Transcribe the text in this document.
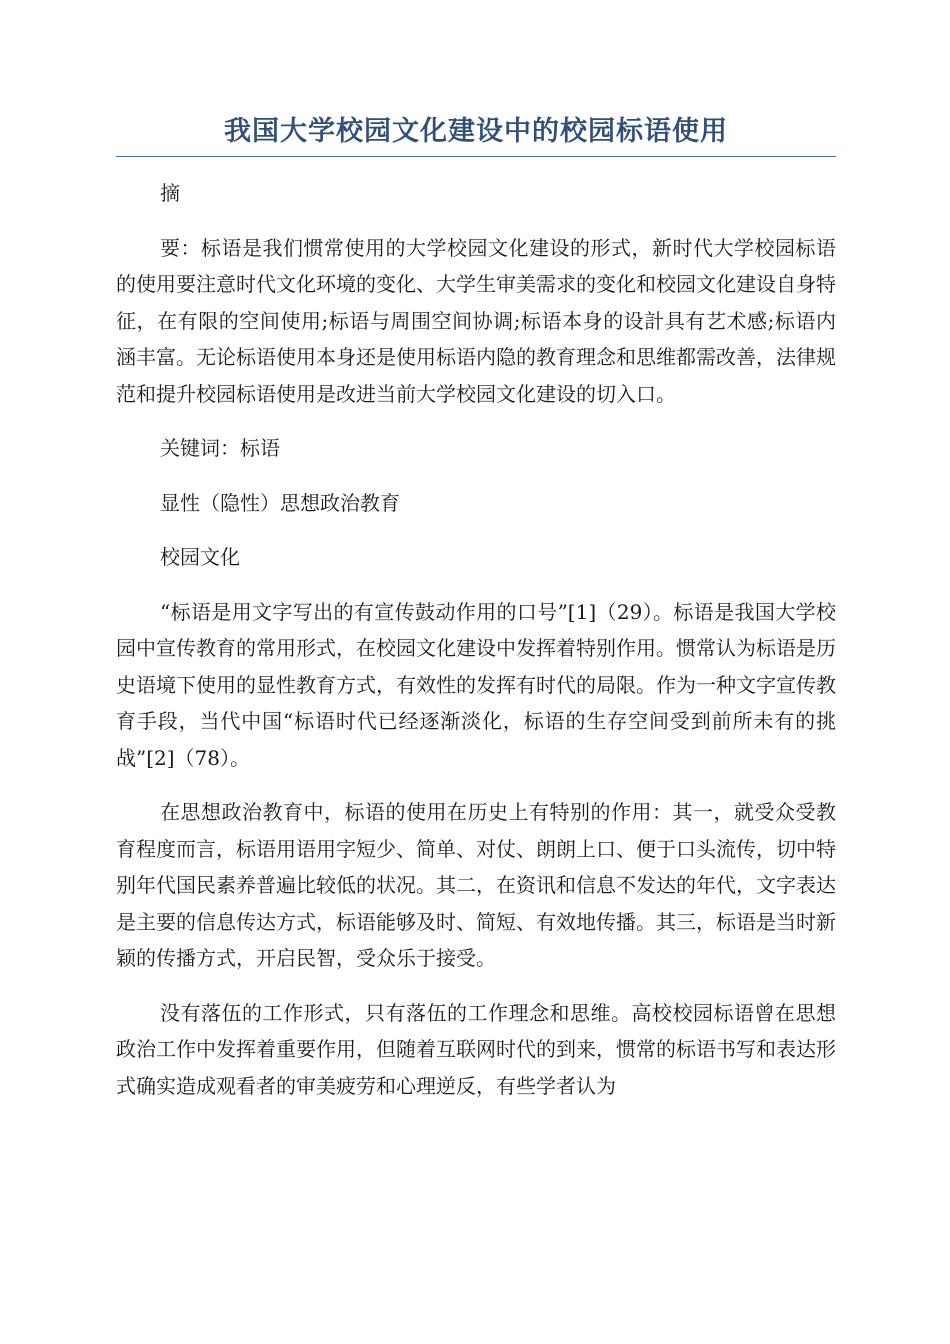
我国大学校园文化建设中的校园标语使用

摘

要：标语是我们惯常使用的大学校园文化建设的形式，新时代大学校园标语的使用要注意时代文化环境的变化、大学生审美需求的变化和校园文化建设自身特征，在有限的空间使用;标语与周围空间协调;标语本身的设計具有艺术感;标语内涵丰富。无论标语使用本身还是使用标语内隐的教育理念和思维都需改善，法律规范和提升校园标语使用是改进当前大学校园文化建设的切入口。

关键词：标语

显性（隐性）思想政治教育

校园文化

“标语是用文字写出的有宣传鼓动作用的口号”[1]（29）。标语是我国大学校园中宣传教育的常用形式，在校园文化建设中发挥着特别作用。惯常认为标语是历史语境下使用的显性教育方式，有效性的发挥有时代的局限。作为一种文字宣传教育手段，当代中国“标语时代已经逐渐淡化，标语的生存空间受到前所未有的挑战”[2]（78）。

在思想政治教育中，标语的使用在历史上有特别的作用：其一，就受众受教育程度而言，标语用语用字短少、简单、对仗、朗朗上口、便于口头流传，切中特别年代国民素养普遍比较低的状况。其二，在资讯和信息不发达的年代，文字表达是主要的信息传达方式，标语能够及时、简短、有效地传播。其三，标语是当时新颖的传播方式，开启民智，受众乐于接受。

没有落伍的工作形式，只有落伍的工作理念和思维。高校校园标语曾在思想政治工作中发挥着重要作用，但随着互联网时代的到来，惯常的标语书写和表达形式确实造成观看者的审美疲劳和心理逆反，有些学者认为
